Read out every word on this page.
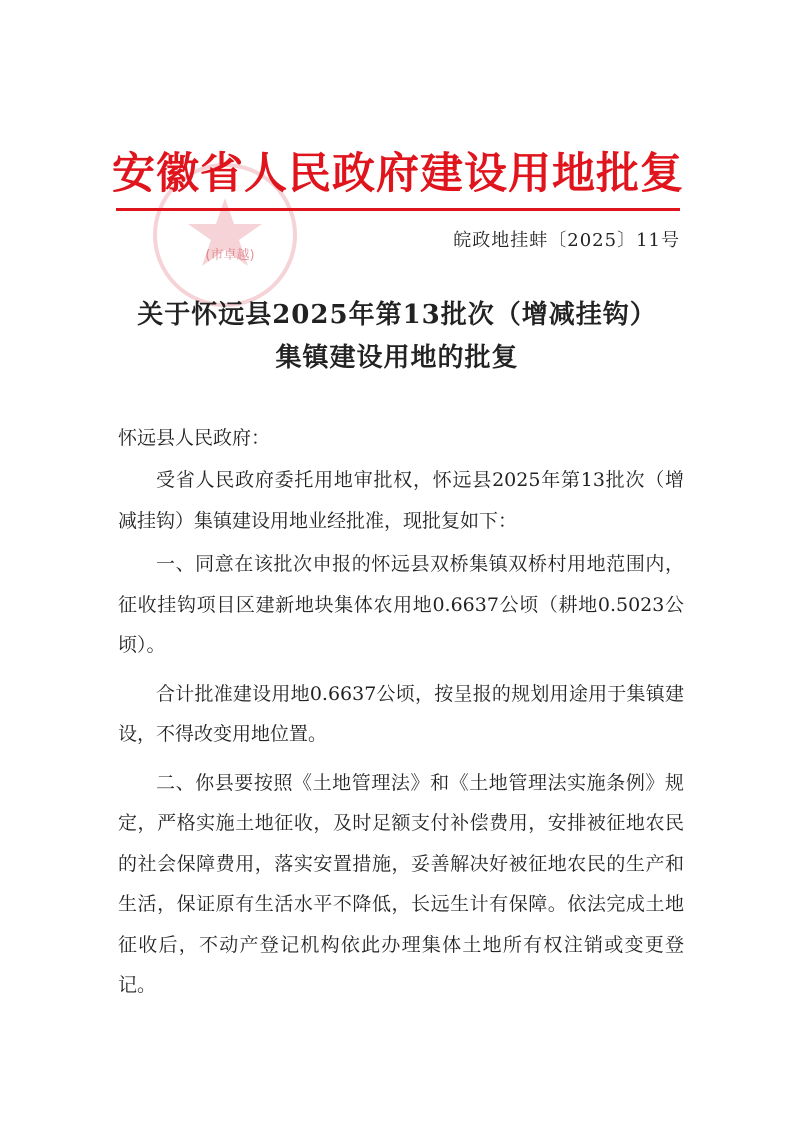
(市卓越)
安徽省人民政府建设用地批复
皖政地挂蚌〔2025〕11号
关于怀远县2025年第13批次（增减挂钩）
集镇建设用地的批复
怀远县人民政府：

受省人民政府委托用地审批权，怀远县2025年第13批次（增减挂钩）集镇建设用地业经批准，现批复如下：

一、同意在该批次申报的怀远县双桥集镇双桥村用地范围内，征收挂钩项目区建新地块集体农用地0.6637公顷（耕地0.5023公顷）。

合计批准建设用地0.6637公顷，按呈报的规划用途用于集镇建设，不得改变用地位置。

二、你县要按照《土地管理法》和《土地管理法实施条例》规定，严格实施土地征收，及时足额支付补偿费用，安排被征地农民的社会保障费用，落实安置措施，妥善解决好被征地农民的生产和生活，保证原有生活水平不降低，长远生计有保障。依法完成土地征收后，不动产登记机构依此办理集体土地所有权注销或变更登记。
